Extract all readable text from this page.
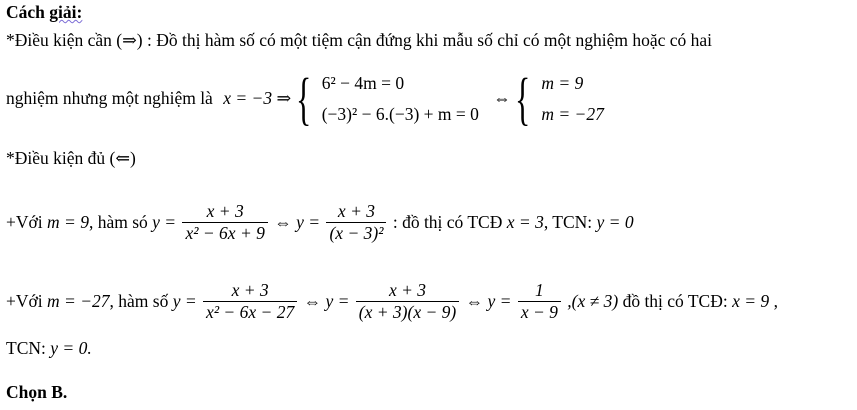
Cách giải:
*Điều kiện cần (⇒) : Đồ thị hàm số có một tiệm cận đứng khi mẫu số chỉ có một nghiệm hoặc có hai
nghiệm nhưng một nghiệm là x = −3 ⇒ { 6² − 4m = 0
(−3)² − 6.(−3) + m = 0
⇔ { m = 9
m = −27
*Điều kiện đủ (⇐)
+Với m = 9, hàm só $y = \frac{x + 3}{\text{x² − 6x + 9}}$ ⇔ $y = \frac{x + 3}{\text{(x − 3)²}}$ : đồ thị có TCĐ x = 3, TCN: y = 0
+Với m = −27, hàm số $y = \frac{x + 3}{\text{x² − 6x − 27}}$ ⇔ $y = \frac{x + 3}{(x + 3)(x - 9)}$ ⇔ $y = \frac{1}{x - 9} ,(x \ne 3)$ đồ thị có TCĐ: x = 9 ,
TCN: y = 0.
Chọn B.
